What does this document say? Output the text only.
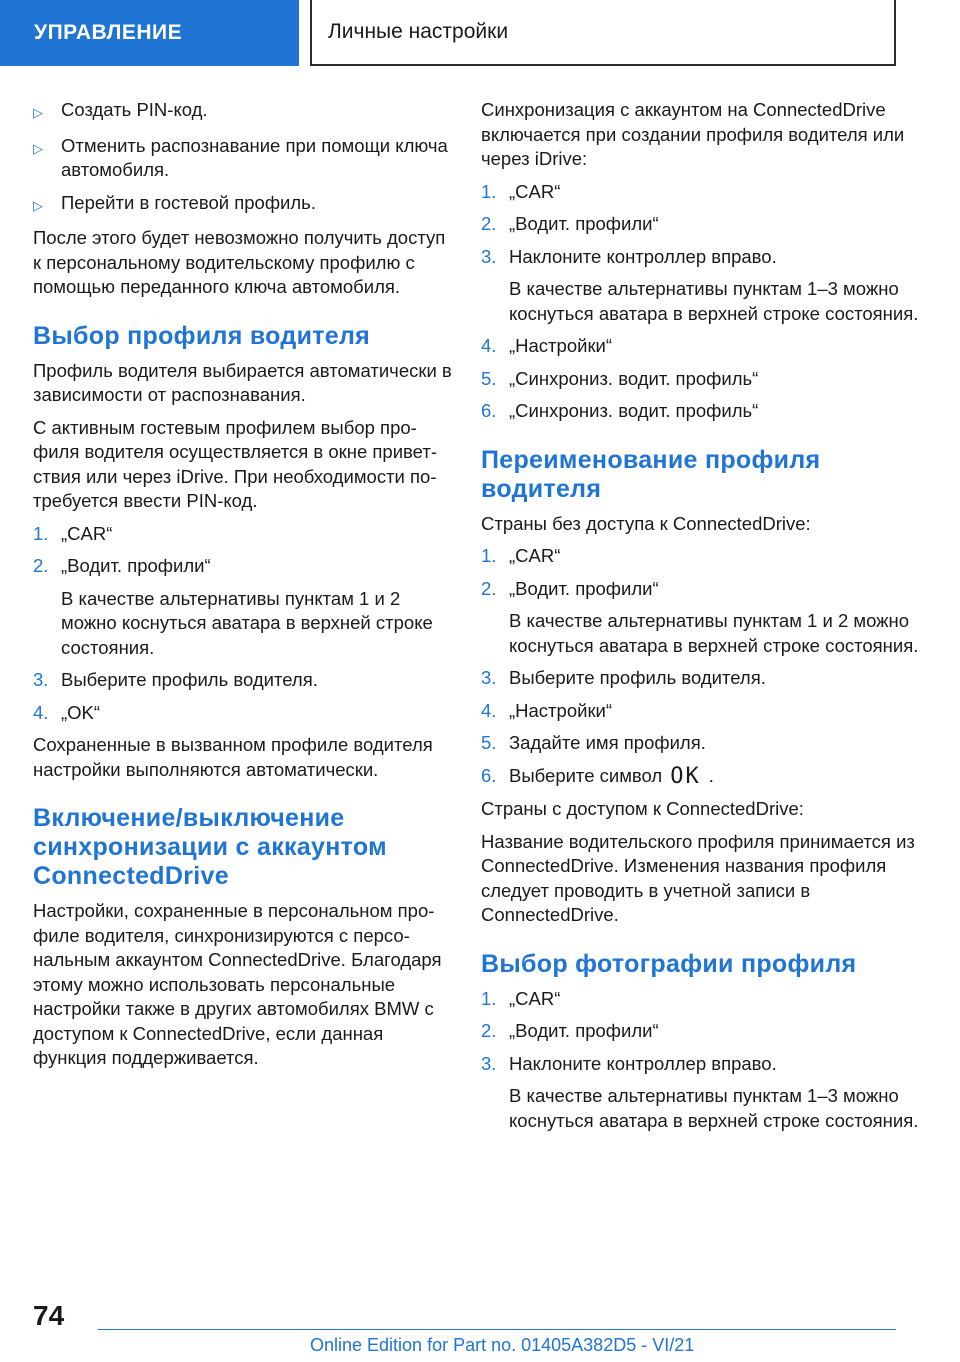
УПРАВЛЕНИЕ	Личные настройки
▷ Создать PIN-код.
▷ Отменить распознавание при помощи ключа автомобиля.
▷ Перейти в гостевой профиль.

После этого будет невозможно получить доступ к персональному водительскому профилю с помощью переданного ключа автомобиля.

Выбор профиля водителя

Профиль водителя выбирается автоматически в зависимости от распознавания.

С активным гостевым профилем выбор профиля водителя осуществляется в окне приветствия или через iDrive. При необходимости потребуется ввести PIN-код.

1. „CAR“
2. „Водит. профили“
В качестве альтернативы пунктам 1 и 2 можно коснуться аватара в верхней строке состояния.
3. Выберите профиль водителя.
4. „OK“

Сохраненные в вызванном профиле водителя настройки выполняются автоматически.

Включение/выключение синхронизации с аккаунтом ConnectedDrive

Настройки, сохраненные в персональном профиле водителя, синхронизируются с персональным аккаунтом ConnectedDrive. Благодаря этому можно использовать персональные настройки также в других автомобилях BMW с доступом к ConnectedDrive, если данная функция поддерживается.

Синхронизация с аккаунтом на ConnectedDrive включается при создании профиля водителя или через iDrive:

1. „CAR“
2. „Водит. профили“
3. Наклоните контроллер вправо.
В качестве альтернативы пунктам 1–3 можно коснуться аватара в верхней строке состояния.
4. „Настройки“
5. „Синхрониз. водит. профиль“
6. „Синхрониз. водит. профиль“
Переименование профиля водителя

Страны без доступа к ConnectedDrive:

1. „CAR“
2. „Водит. профили“
В качестве альтернативы пунктам 1 и 2 можно коснуться аватара в верхней строке состояния.
3. Выберите профиль водителя.
4. „Настройки“
5. Задайте имя профиля.
6. Выберите символ OK .

Страны с доступом к ConnectedDrive:

Название водительского профиля принимается из ConnectedDrive. Изменения названия профиля следует проводить в учетной записи в ConnectedDrive.

Выбор фотографии профиля
1. „CAR“
2. „Водит. профили“
3. Наклоните контроллер вправо.
В качестве альтернативы пунктам 1–3 можно коснуться аватара в верхней строке состояния.
74
Online Edition for Part no. 01405A382D5 - VI/21
